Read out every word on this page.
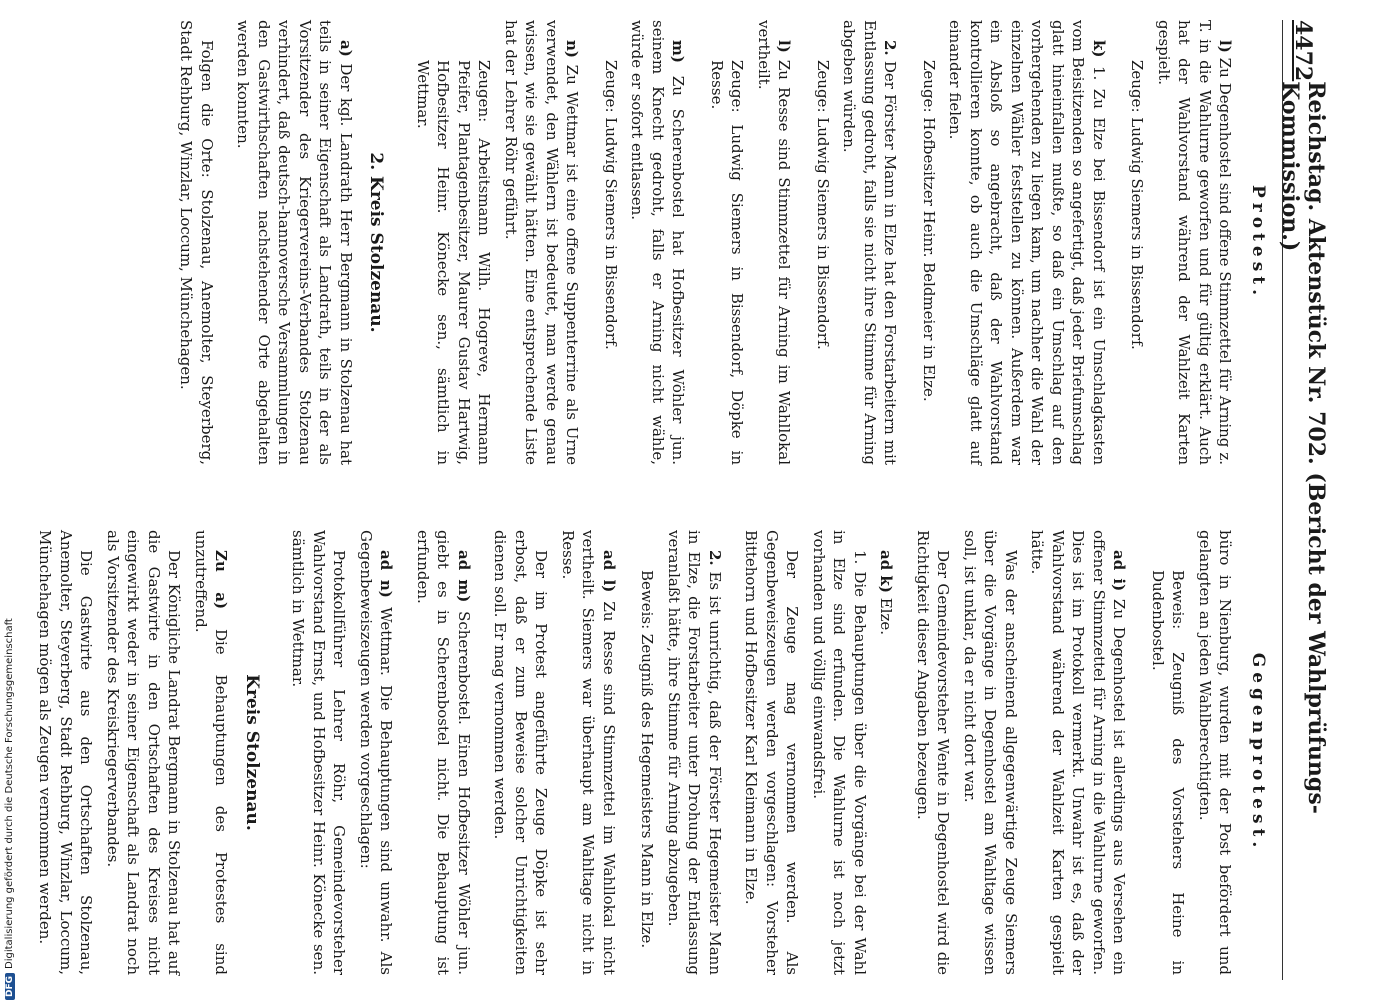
4472
Reichstag. Aktenstück Nr. 702. (Bericht der Wahlprüfungs-Kommission.)
Protest.

l) Zu Degenhostel sind offene Stimmzettel für Arning z. T. in die Wahlurne geworfen und für gültig erklärt. Auch hat der Wahlvorstand während der Wahlzeit Karten gespielt.

Zeuge: Ludwig Siemers in Bissendorf.

k) 1. Zu Elze bei Bissendorf ist ein Umschlagkasten vom Beisitzenden so angefertigt, daß jeder Briefumschlag glatt hineinfallen mußte, so daß ein Umschlag auf den vorhergehenden zu liegen kam, um nachher die Wahl der einzelnen Wähler feststellen zu können. Außerdem war ein Absloß so angebracht, daß der Wahlvorstand kontrollieren konnte, ob auch die Umschläge glatt auf einander fielen.

Zeuge: Hofbesitzer Heinr. Beldmeier in Elze.

2. Der Förster Mann in Elze hat den Forstarbeitern mit Entlassung gedroht, falls sie nicht ihre Stimme für Arning abgeben würden.

Zeuge: Ludwig Siemers in Bissendorf.

l) Zu Resse sind Stimmzettel für Arning im Wahllokal vertheilt.

Zeuge: Ludwig Siemers in Bissendorf, Döpke in Resse.

m) Zu Scherenbostel hat Hofbesitzer Wöhler jun. seinem Knecht gedroht, falls er Arning nicht wähle, würde er sofort entlassen.

Zeuge: Ludwig Siemers in Bissendorf.

n) Zu Wettmar ist eine offene Suppenterrine als Urne verwendet, den Wählern ist bedeutet, man werde genau wissen, wie sie gewählt hätten. Eine entsprechende Liste hat der Lehrer Röhr geführt.

Zeugen: Arbeitsmann Wilh. Hogreve, Hermann Pfeifer, Plantagenbesitzer, Maurer Gustav Hartwig, Hofbesitzer Heinr. Könecke sen., sämtlich in Wettmar.

2. Kreis Stolzenau.

a) Der kgl. Landrath Herr Bergmann in Stolzenau hat teils in seiner Eigenschaft als Landrath, teils in der als Vorsitzender des Kriegervereins-Verbandes Stolzenau verhindert, daß deutsch-hannoversche Versammlungen in den Gastwirthschaften nachstehender Orte abgehalten werden konnten.

Folgen die Orte: Stolzenau, Anemolter, Steyerberg, Stadt Rehburg, Winzlar, Loccum, Münchehagen.

Gegenprotest.

büro in Nienburg, wurden mit der Post befördert und gelangten an jeden Wahlberechtigten.

Beweis: Zeugniß des Vorstehers Heine in Dudenbostel.

ad i) Zu Degenhostel ist allerdings aus Versehen ein offener Stimmzettel für Arning in die Wahlurne geworfen. Dies ist im Protokoll vermerkt. Unwahr ist es, daß der Wahlvorstand während der Wahlzeit Karten gespielt hätte.

Was der anscheinend allgegenwärtige Zeuge Siemers über die Vorgänge in Degenhostel am Wahltage wissen soll, ist unklar, da er nicht dort war.

Der Gemeindevorsteher Wente in Degenhostel wird die Richtigkeit dieser Angaben bezeugen.

ad k) Elze.

1. Die Behauptungen über die Vorgänge bei der Wahl in Elze sind erfunden. Die Wahlurne ist noch jetzt vorhanden und völlig einwandsfrei.

Der Zeuge mag vernommen werden. Als Gegenbeweiszeugen werden vorgeschlagen: Vorsteher Bittehorn und Hofbesitzer Karl Kleimann in Elze.

2. Es ist unrichtig, daß der Förster Hegemeister Mann in Elze, die Forstarbeiter unter Drohung der Entlassung veranlaßt hätte, ihre Stimme für Arning abzugeben.

Beweis: Zeugniß des Hegemeisters Mann in Elze.

ad l) Zu Resse sind Stimmzettel im Wahllokal nicht vertheilt. Siemers war überhaupt am Wahltage nicht in Resse.

Der im Protest angeführte Zeuge Döpke ist sehr erbost, daß er zum Beweise solcher Unrichtigkeiten dienen soll. Er mag vernommen werden.

ad m) Scherenbostel. Einen Hofbesitzer Wöhler jun. giebt es in Scherenbostel nicht. Die Behauptung ist erfunden.

ad n) Wettmar. Die Behauptungen sind unwahr. Als Gegenbeweiszeugen werden vorgeschlagen:

Protokollführer Lehrer Röhr, Gemeindevorsteher Wahlvorstand Ernst, und Hofbesitzer Heinr. Könecke sen. sämtlich in Wettmar.

Kreis Stolzenau.

Zu a) Die Behauptungen des Protestes sind unzutreffend.

Der Königliche Landrat Bergmann in Stolzenau hat auf die Gastwirte in den Ortschaften des Kreises nicht eingewirkt weder in seiner Eigenschaft als Landrat noch als Vorsitzender des Kreiskriegerverbandes.

Die Gastwirte aus den Ortschaften Stolzenau, Anemolter, Steyerberg, Stadt Rehburg, Winzlar, Loccum, Münchehagen mögen als Zeugen vernommen werden.

DFG
Digitalisierung gefördert durch die Deutsche Forschungsgemeinschaft
